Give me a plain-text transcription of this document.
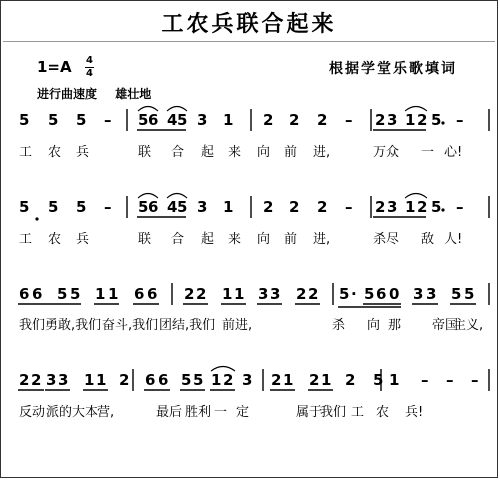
工农兵联合起来
1=A 4
4	根据学堂乐歌填词
进行曲速度 雄壮地
5 5 5 – 5 6 4 5 3 1 2 2 2 – 2 3 1 2 5 –
5 5 5 – 5 6 4 5 3 1 2 2 2 – 2 3 1 2 5 –
6 6 5 5 1 1 6 6 2 2 1 1 3 3 2 2 5 · 5 6 0 3 3 5 5
2 2 3 3 1 1 2 6 6 5 5 1 2 3 2 1 2 1 2 5 1 – – –
工 农 兵	联 合 起 来 向 前 进,	万众 一 心!
工 农 兵	联 合 起 来 向 前 进,	杀尽 敌 人!
我们 勇敢,我们 奋斗,我们 团结,我们 前进,	杀 向 那 帝国
主义,
反动 派的 大本
营,	最后 胜利 一 定	属于
我们 工 农 兵!
